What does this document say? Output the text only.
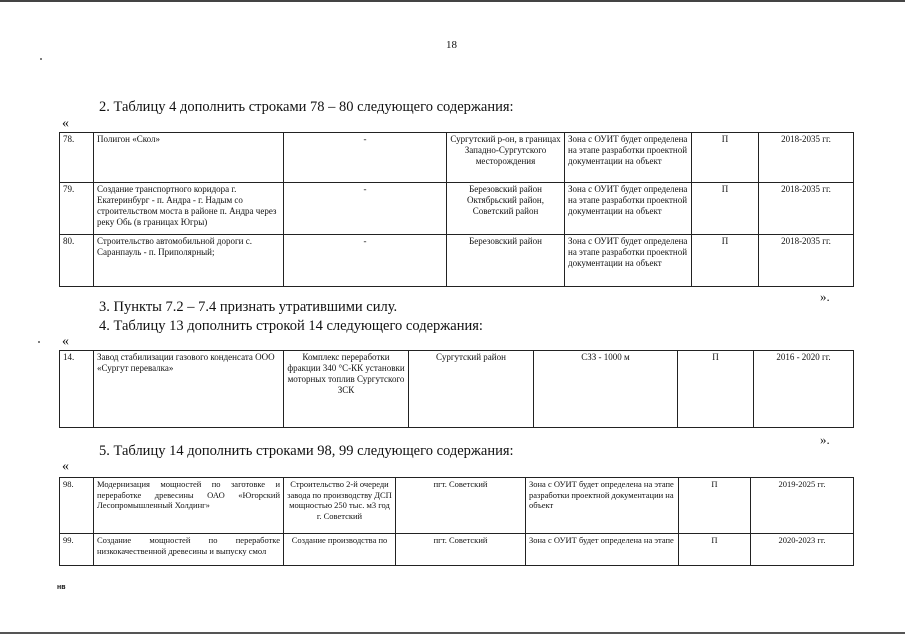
18
2. Таблицу 4 дополнить строками 78 – 80 следующего содержания:
«
78.	Полигон «Скол»	-	Сургутский р-он, в границах Западно-Сургутского месторождения	Зона с ОУИТ будет определена на этапе разработки проектной документации на объект	П	2018-2035 гг.
79.	Создание транспортного коридора г. Екатеринбург - п. Андра - г. Надым со строительством моста в районе п. Андра через реку Обь (в границах Югры)	-	Березовский район Октябрьский район, Советский район	Зона с ОУИТ будет определена на этапе разработки проектной документации на объект	П	2018-2035 гг.
80.	Строительство автомобильной дороги с. Саранпауль - п. Приполярный;	-	Березовский район	Зона с ОУИТ будет определена на этапе разработки проектной документации на объект	П	2018-2035 гг.
».
3. Пункты 7.2 – 7.4 признать утратившими силу.
4. Таблицу 13 дополнить строкой 14 следующего содержания:
«
14.	Завод стабилизации газового конденсата ООО «Сургут перевалка»	Комплекс переработки фракции 340 °С-КК установки моторных топлив Сургутского ЗСК	Сургутский район	СЗЗ - 1000 м	П	2016 - 2020 гг.
».
5. Таблицу 14 дополнить строками 98, 99 следующего содержания:
«
98.	Модернизация мощностей по заготовке и переработке древесины ОАО «Югорский Лесопромышленный Холдинг»	Строительство 2-й очереди завода по производству ДСП мощностью 250 тыс. м3 год г. Советский	пгт. Советский	Зона с ОУИТ будет определена на этапе разработки проектной документации на объект	П	2019-2025 гг.
99.	Создание мощностей по переработке низкокачественной древесины и выпуску смол	Создание производства по	пгт. Советский	Зона с ОУИТ будет определена на этапе	П	2020-2023 гг.
нв
